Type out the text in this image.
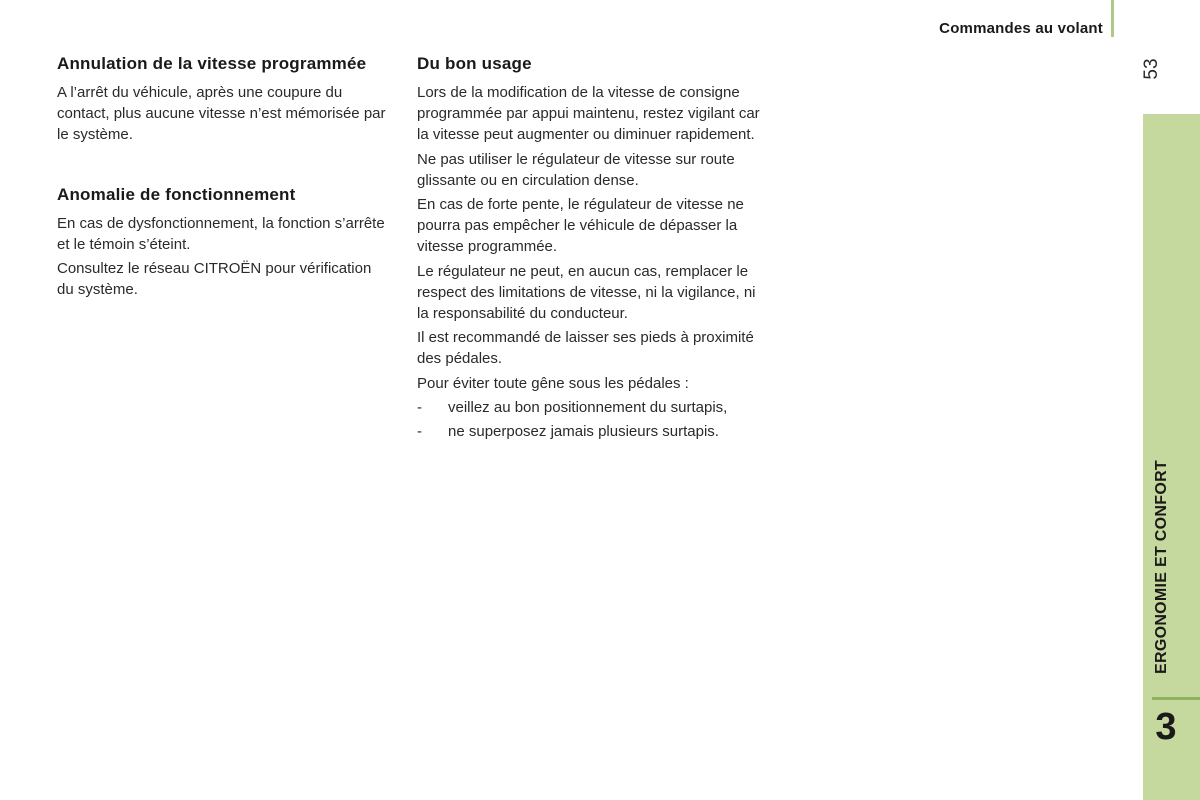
Commandes au volant
53
ERGONOMIE ET CONFORT
3
Annulation de la vitesse programmée

A l’arrêt du véhicule, après une coupure du contact, plus aucune vitesse n’est mémorisée par le système.

Anomalie de fonctionnement

En cas de dysfonctionnement, la fonction s’arrête et le témoin s’éteint.

Consultez le réseau CITROËN pour vérification du système.

Du bon usage

Lors de la modification de la vitesse de consigne programmée par appui maintenu, restez vigilant car la vitesse peut augmenter ou diminuer rapidement.

Ne pas utiliser le régulateur de vitesse sur route glissante ou en circulation dense.

En cas de forte pente, le régulateur de vitesse ne pourra pas empêcher le véhicule de dépasser la vitesse programmée.

Le régulateur ne peut, en aucun cas, remplacer le respect des limitations de vitesse, ni la vigilance, ni la responsabilité du conducteur.

Il est recommandé de laisser ses pieds à proximité des pédales.

Pour éviter toute gêne sous les pédales :

-	veillez au bon positionnement du surtapis,
-	ne superposez jamais plusieurs surtapis.
